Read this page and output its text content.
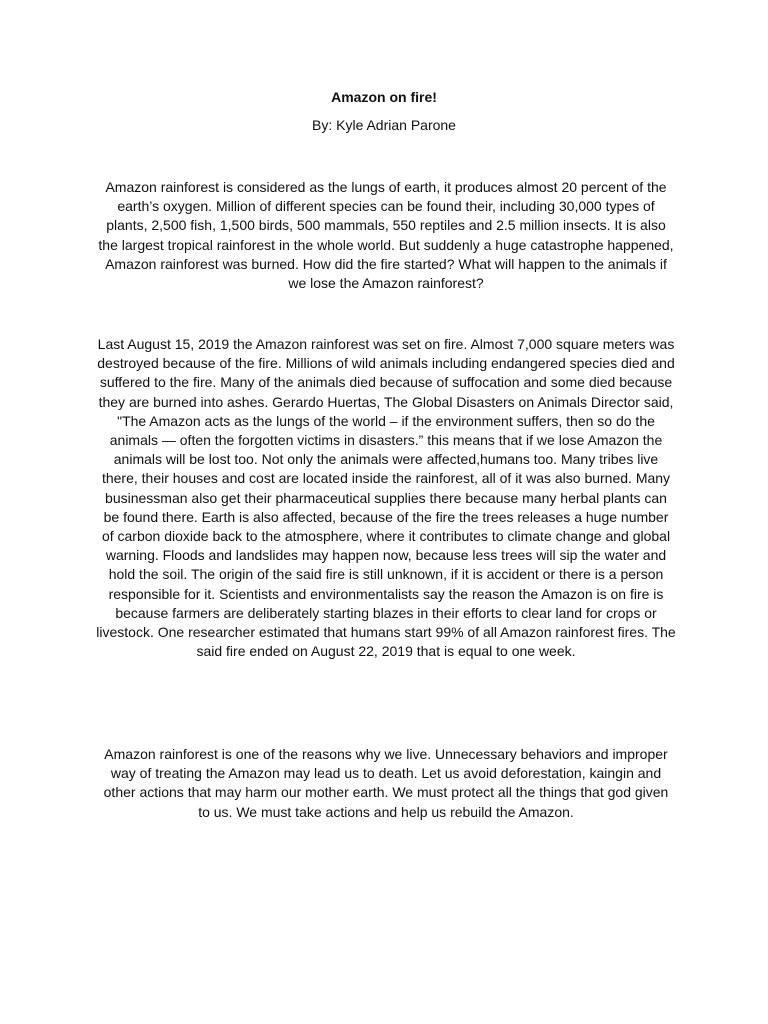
Amazon on fire!
By: Kyle Adrian Parone

Amazon rainforest is considered as the lungs of earth, it produces almost 20 percent of the earth’s oxygen. Million of different species can be found their, including 30,000 types of plants, 2,500 fish, 1,500 birds, 500 mammals, 550 reptiles and 2.5 million insects. It is also the largest tropical rainforest in the whole world. But suddenly a huge catastrophe happened, Amazon rainforest was burned. How did the fire started? What will happen to the animals if we lose the Amazon rainforest?

Last August 15, 2019 the Amazon rainforest was set on fire. Almost 7,000 square meters was destroyed because of the fire. Millions of wild animals including endangered species died and suffered to the fire. Many of the animals died because of suffocation and some died because they are burned into ashes. Gerardo Huertas, The Global Disasters on Animals Director said, "The Amazon acts as the lungs of the world – if the environment suffers, then so do the animals — often the forgotten victims in disasters.” this means that if we lose Amazon the animals will be lost too. Not only the animals were affected,humans too. Many tribes live there, their houses and cost are located inside the rainforest, all of it was also burned. Many businessman also get their pharmaceutical supplies there because many herbal plants can be found there. Earth is also affected, because of the fire the trees releases a huge number of carbon dioxide back to the atmosphere, where it contributes to climate change and global warning. Floods and landslides may happen now, because less trees will sip the water and hold the soil. The origin of the said fire is still unknown, if it is accident or there is a person responsible for it. Scientists and environmentalists say the reason the Amazon is on fire is because farmers are deliberately starting blazes in their efforts to clear land for crops or livestock. One researcher estimated that humans start 99% of all Amazon rainforest fires. The said fire ended on August 22, 2019 that is equal to one week.

Amazon rainforest is one of the reasons why we live. Unnecessary behaviors and improper way of treating the Amazon may lead us to death. Let us avoid deforestation, kaingin and other actions that may harm our mother earth. We must protect all the things that god given to us. We must take actions and help us rebuild the Amazon.
